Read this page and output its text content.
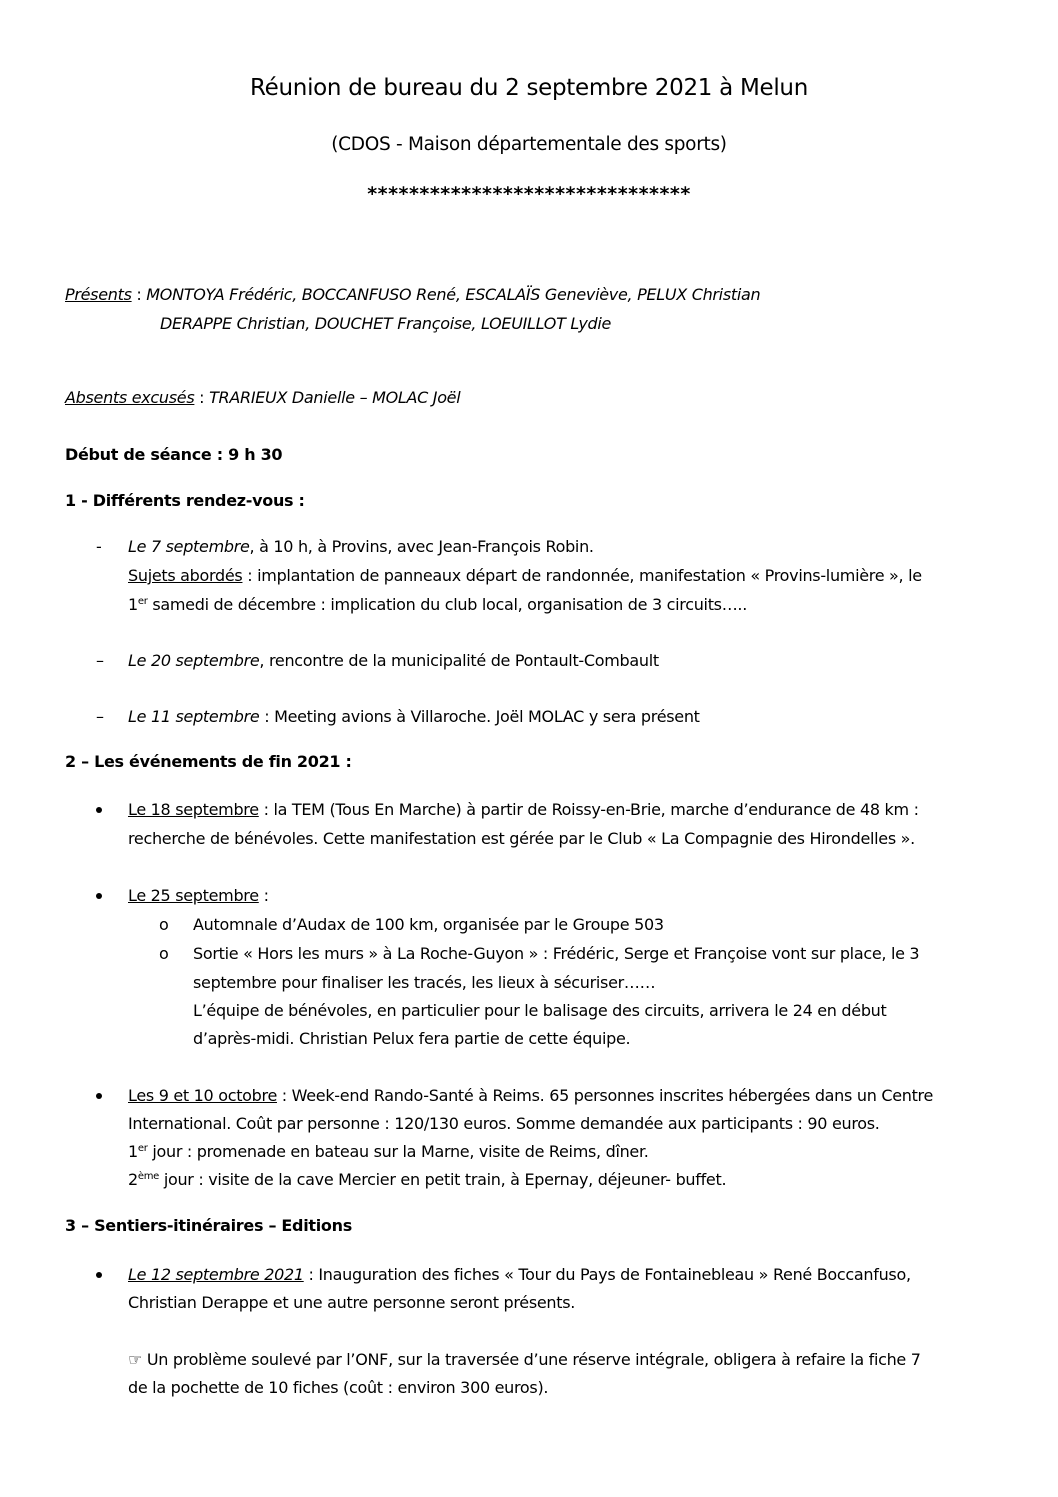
Réunion de bureau du 2 septembre 2021 à Melun
(CDOS - Maison départementale des sports)
*******************************
Présents : MONTOYA Frédéric, BOCCANFUSO René, ESCALAÏS Geneviève, PELUX Christian
DERAPPE Christian, DOUCHET Françoise, LOEUILLOT Lydie
Absents excusés : TRARIEUX Danielle – MOLAC Joël
Début de séance : 9 h 30
1 - Différents rendez-vous :
- Le 7 septembre, à 10 h, à Provins, avec Jean-François Robin.
Sujets abordés : implantation de panneaux départ de randonnée, manifestation « Provins-lumière », le
1er samedi de décembre : implication du club local, organisation de 3 circuits…..
– Le 20 septembre, rencontre de la municipalité de Pontault-Combault
– Le 11 septembre : Meeting avions à Villaroche. Joël MOLAC y sera présent
2 – Les événements de fin 2021 :
Le 18 septembre : la TEM (Tous En Marche) à partir de Roissy-en-Brie, marche d’endurance de 48 km :
recherche de bénévoles. Cette manifestation est gérée par le Club « La Compagnie des Hirondelles ».
Le 25 septembre :
o Automnale d’Audax de 100 km, organisée par le Groupe 503
o Sortie « Hors les murs » à La Roche-Guyon » : Frédéric, Serge et Françoise vont sur place, le 3
septembre pour finaliser les tracés, les lieux à sécuriser……
L’équipe de bénévoles, en particulier pour le balisage des circuits, arrivera le 24 en début
d’après-midi. Christian Pelux fera partie de cette équipe.
Les 9 et 10 octobre : Week-end Rando-Santé à Reims. 65 personnes inscrites hébergées dans un Centre
International. Coût par personne : 120/130 euros. Somme demandée aux participants : 90 euros.
1er jour : promenade en bateau sur la Marne, visite de Reims, dîner.
2ème jour : visite de la cave Mercier en petit train, à Epernay, déjeuner- buffet.
3 – Sentiers-itinéraires – Editions
Le 12 septembre 2021 : Inauguration des fiches « Tour du Pays de Fontainebleau » René Boccanfuso,
Christian Derappe et une autre personne seront présents.
☞ Un problème soulevé par l’ONF, sur la traversée d’une réserve intégrale, obligera à refaire la fiche 7
de la pochette de 10 fiches (coût : environ 300 euros).
